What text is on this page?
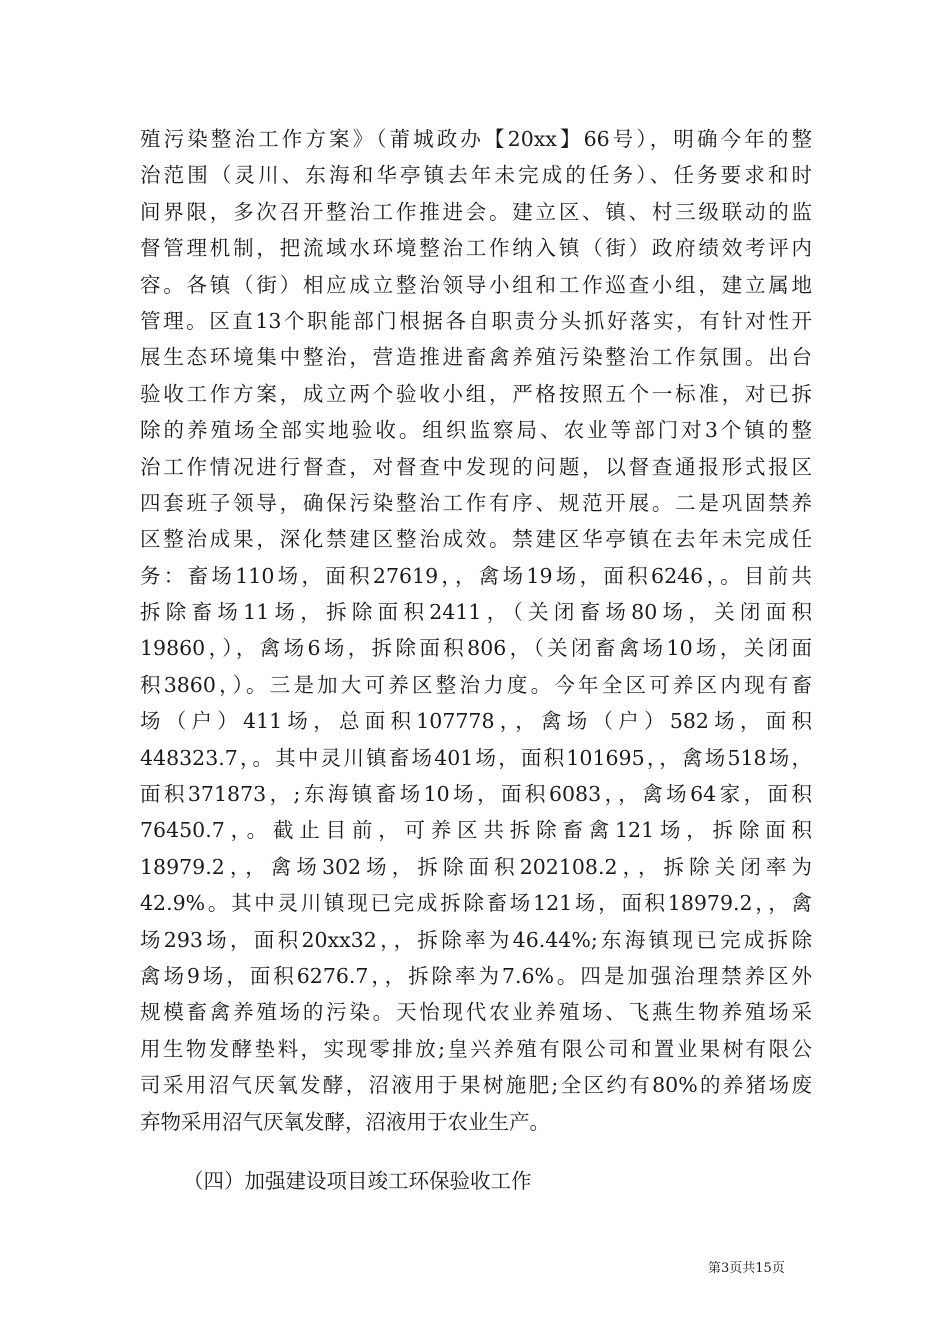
殖污染整治工作方案》（莆城政办【20xx】66号），明确今年的整
治范围（灵川、东海和华亭镇去年未完成的任务）、任务要求和时
间界限，多次召开整治工作推进会。建立区、镇、村三级联动的监
督管理机制，把流域水环境整治工作纳入镇（街）政府绩效考评内
容。各镇（街）相应成立整治领导小组和工作巡查小组，建立属地
管理。区直13个职能部门根据各自职责分头抓好落实，有针对性开
展生态环境集中整治，营造推进畜禽养殖污染整治工作氛围。出台
验收工作方案，成立两个验收小组，严格按照五个一标准，对已拆
除的养殖场全部实地验收。组织监察局、农业等部门对3个镇的整
治工作情况进行督查，对督查中发现的问题，以督查通报形式报区
四套班子领导，确保污染整治工作有序、规范开展。二是巩固禁养
区整治成果，深化禁建区整治成效。禁建区华亭镇在去年未完成任
务：畜场110场，面积27619，，禽场19场，面积6246，。目前共
拆除畜场11场，拆除面积2411，（关闭畜场80场，关闭面积
19860，），禽场6场，拆除面积806，（关闭畜禽场10场，关闭面
积3860，）。三是加大可养区整治力度。今年全区可养区内现有畜
场（户）411场，总面积107778，，禽场（户）582场，面积
448323.7，。其中灵川镇畜场401场，面积101695，，禽场518场，
面积371873，;东海镇畜场10场，面积6083，，禽场64家，面积
76450.7，。截止目前，可养区共拆除畜禽121场，拆除面积
18979.2，，禽场302场，拆除面积202108.2，，拆除关闭率为
42.9%。其中灵川镇现已完成拆除畜场121场，面积18979.2，，禽
场293场，面积20xx32，，拆除率为46.44%;东海镇现已完成拆除
禽场9场，面积6276.7，，拆除率为7.6%。四是加强治理禁养区外
规模畜禽养殖场的污染。天怡现代农业养殖场、飞燕生物养殖场采
用生物发酵垫料，实现零排放;皇兴养殖有限公司和置业果树有限公
司采用沼气厌氧发酵，沼液用于果树施肥;全区约有80%的养猪场废
弃物采用沼气厌氧发酵，沼液用于农业生产。
（四）加强建设项目竣工环保验收工作
第3页共15页
